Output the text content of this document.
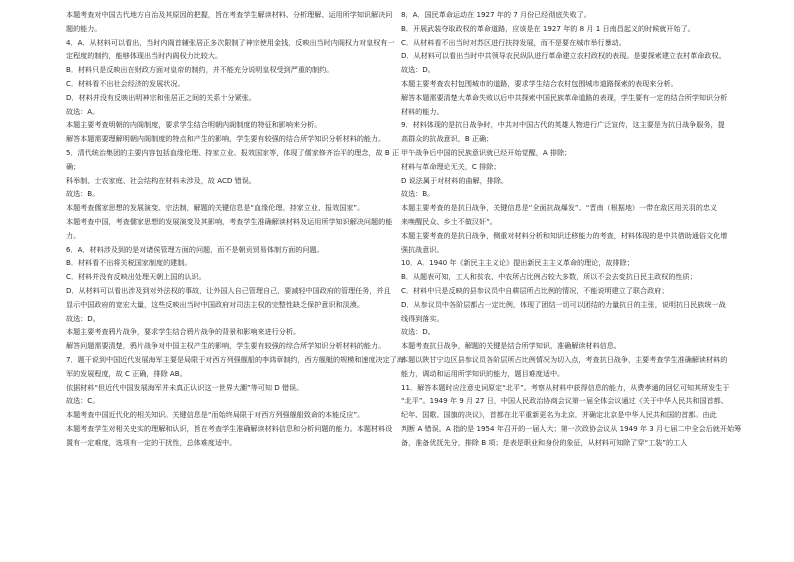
本题考查对中国古代地方自治及其原因的把握，旨在考查学生解读材料、分析理解、运用所学知识解决问

题的能力。

4．A．从材料可以看出，当时内阁首辅张居正多次限制了神宗使用金钱，反映出当时内阁权力对皇权有一

定程度的制约，能够体现出当时内阁权力比较大。

B．材料只是反映出在财政方面对皇帝的制约，并不能充分说明皇权受到严重的制约。

C．材料看不出社会经济的发展状况。

D．材料并没有反映出明神宗和张居正之间的关系十分紧张。

故选：A。

本题主要考查明朝的内阁制度，要求学生结合明朝内阁制度的特征和影响来分析。

解答本题需要理解明朝内阁制度的特点和产生的影响，学生要有较强的结合所学知识分析材料的能力。

5．清代统治集团的主要内容包括血缘伦理、持家立业、报效国家等，体现了儒家修齐治平的理念，故 B 正

确；

科举制、士农家庭、社会结构在材料未涉及，故 ACD 错误。

故选：B。

本题考查儒家思想的发展演变、宗法制，解题的关键信息是“血缘伦理、持家立业、报效国家”。

本题考查中国，考查儒家思想的发展演变及其影响，考查学生准确解读材料及运用所学知识解决问题的能

力。

6．A．材料涉及到的是对诸侯管理方面的问题，而不是朝贡贸易体制方面的问题。

B．材料看不出将关税国家制度的建制。

C．材料并没有反映出处理天朝上国的认识。

D．从材料可以看出涉及到对外法权的事故，让外国人自己管理自己，要减轻中国政府的管理任务，并且

显示中国政府的宽宏大量，这些反映出当时中国政府对司法主权的完整性缺乏保护意识和淡漠。

故选：D。

本题主要考查鸦片战争，要求学生结合鸦片战争的背景和影响来进行分析。

解答问题需要清楚，鸦片战争对中国主权产生的影响，学生要有较强的综合所学知识分析材料的能力。

7．题干说到中国近代发展海军主要是局限于对西方列强舰船的李鸿章制约，西方舰艇的规模和速度决定了海

军的发展程度，故 C 正确，排除 AB。

依据材料“但近代中国发展海军并未真正认识这一世界大潮”等可知 D 错误。

故选：C。

本题考查中国近代化的相关知识。关键信息是“而始终局限于对西方列强舰船致命的本能反应”。

本题考查学生对相关史实的理解和认识，旨在考查学生准确解读材料信息和分析问题的能力。本题材料设

置有一定难度，选项有一定的干扰性，总体难度适中。

8．A．国民革命运动在 1927 年的 7 月份已经彻底失败了。

B．开展武装夺取政权的革命道路，应该是在 1927 年的 8 月 1 日南昌起义的时候就开始了。

C．从材料看不出当时对苏区进行扶持发展，而不是要在城市举行暴动。

D．从材料可以看出当时中共领导农民纵队进行革命建立农村政权的表现。是要探索建立农村革命政权。

故选：D。

本题主要考查农村包围城市的道路，要求学生结合农村包围城市道路探索的表现来分析。

解答本题需要清楚大革命失败以后中共探索中国民族革命道路的表现，学生要有一定的结合所学知识分析

材料的能力。

9．材料体现的是抗日战争时，中共对中国古代的英雄人物进行广泛宣传，这主要是为抗日战争服务，提

高群众的抗战意识，B 正确；

甲午战争后中国的民族意识就已经开始觉醒，A 排除；

材料与革命理论无关，C 排除；

D 说法属于对材料的曲解，排除。

故选：B。

本题主要考查的是抗日战争，关键信息是“全面抗战爆发”、“晋南（根据地）一带在敌区用关羽的忠义

来唤醒民众、乡土不做汉奸”。

本题主要考查的是抗日战争，侧重对材料分析和知识迁移能力的考查，材料体现的是中共借助通俗文化增

强抗战意识。

10．A．1940 年《新民主主义论》提出新民主主义革命的理论，故排除；

B．从题表可知，工人和贫农、中农所占比例占较大多数，所以不会去变抗日民主政权的性质；

C．材料中只是反映的县参议员中自耕层所占比例的情况，不能说明建立了联合政府；

D．从参议员中各阶层都占一定比例，体现了团结一切可以团结的力量抗日的主张，说明抗日民族统一战

线得到落实。

故选：D。

本题考查抗日战争，解题的关键是结合所学知识，准确解读材料信息。

本题以陕甘宁边区县参议员各阶层所占比例情况为切入点，考查抗日战争，主要考查学生准确解读材料的

能力，调动和运用所学知识的能力，题目难度适中。

11．解答本题时应注意史词原定“北平”。考察从材料中获得信息的能力，从费孝通的回忆可知其所发生于

“北平”。1949 年 9 月 27 日，中国人民政治协商会议第一届全体会议通过《关于中华人民共和国首都、

纪年、国歌、国旗的决议》，首都在北平重新更名为北京，并确定北京是中华人民共和国的首都。由此

判断 A 错误。A 指的是 1954 年召开的一届人大；第一次政协会议从 1949 年 3 月七届二中全会后就开始筹

备，准备优抚先分，排除 B 项；是表是职业和身份的象征，从材料可知除了穿“工装”的工人
